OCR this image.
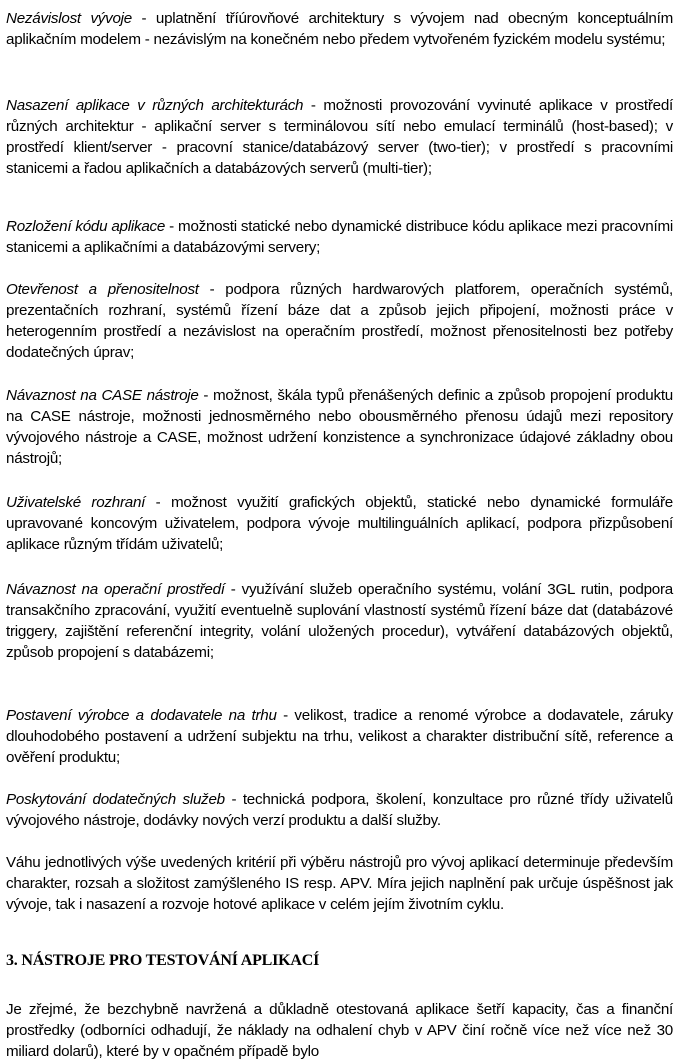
Nezávislost vývoje - uplatnění tříúrovňové architektury s vývojem nad obecným konceptuálním aplikačním modelem - nezávislým na konečném nebo předem vytvořeném fyzickém modelu systému;

Nasazení aplikace v různých architekturách - možnosti provozování vyvinuté aplikace v prostředí různých architektur - aplikační server s terminálovou sítí nebo emulací terminálů (host-based); v prostředí klient/server - pracovní stanice/databázový server (two-tier); v prostředí s pracovními stanicemi a řadou aplikačních a databázových serverů (multi-tier);

Rozložení kódu aplikace - možnosti statické nebo dynamické distribuce kódu aplikace mezi pracovními stanicemi a aplikačními a databázovými servery;

Otevřenost a přenositelnost - podpora různých hardwarových platforem, operačních systémů, prezentačních rozhraní, systémů řízení báze dat a způsob jejich připojení, možnosti práce v heterogenním prostředí a nezávislost na operačním prostředí, možnost přenositelnosti bez potřeby dodatečných úprav;

Návaznost na CASE nástroje - možnost, škála typů přenášených definic a způsob propojení produktu na CASE nástroje, možnosti jednosměrného nebo obousměrného přenosu údajů mezi repository vývojového nástroje a CASE, možnost udržení konzistence a synchronizace údajové základny obou nástrojů;

Uživatelské rozhraní - možnost využití grafických objektů, statické nebo dynamické formuláře upravované koncovým uživatelem, podpora vývoje multilinguálních aplikací, podpora přizpůsobení aplikace různým třídám uživatelů;

Návaznost na operační prostředí - využívání služeb operačního systému, volání 3GL rutin, podpora transakčního zpracování, využití eventuelně suplování vlastností systémů řízení báze dat (databázové triggery, zajištění referenční integrity, volání uložených procedur), vytváření databázových objektů, způsob propojení s databázemi;

Postavení výrobce a dodavatele na trhu - velikost, tradice a renomé výrobce a dodavatele, záruky dlouhodobého postavení a udržení subjektu na trhu, velikost a charakter distribuční sítě, reference a ověření produktu;

Poskytování dodatečných služeb - technická podpora, školení, konzultace pro různé třídy uživatelů vývojového nástroje, dodávky nových verzí produktu a další služby.

Váhu jednotlivých výše uvedených kritérií při výběru nástrojů pro vývoj aplikací determinuje především charakter, rozsah a složitost zamýšleného IS resp. APV. Míra jejich naplnění pak určuje úspěšnost jak vývoje, tak i nasazení a rozvoje hotové aplikace v celém jejím životním cyklu.

3. NÁSTROJE PRO TESTOVÁNÍ APLIKACÍ

Je zřejmé, že bezchybně navržená a důkladně otestovaná aplikace šetří kapacity, čas a finanční prostředky (odborníci odhadují, že náklady na odhalení chyb v APV činí ročně více než více než 30 miliard dolarů), které by v opačném případě bylo
